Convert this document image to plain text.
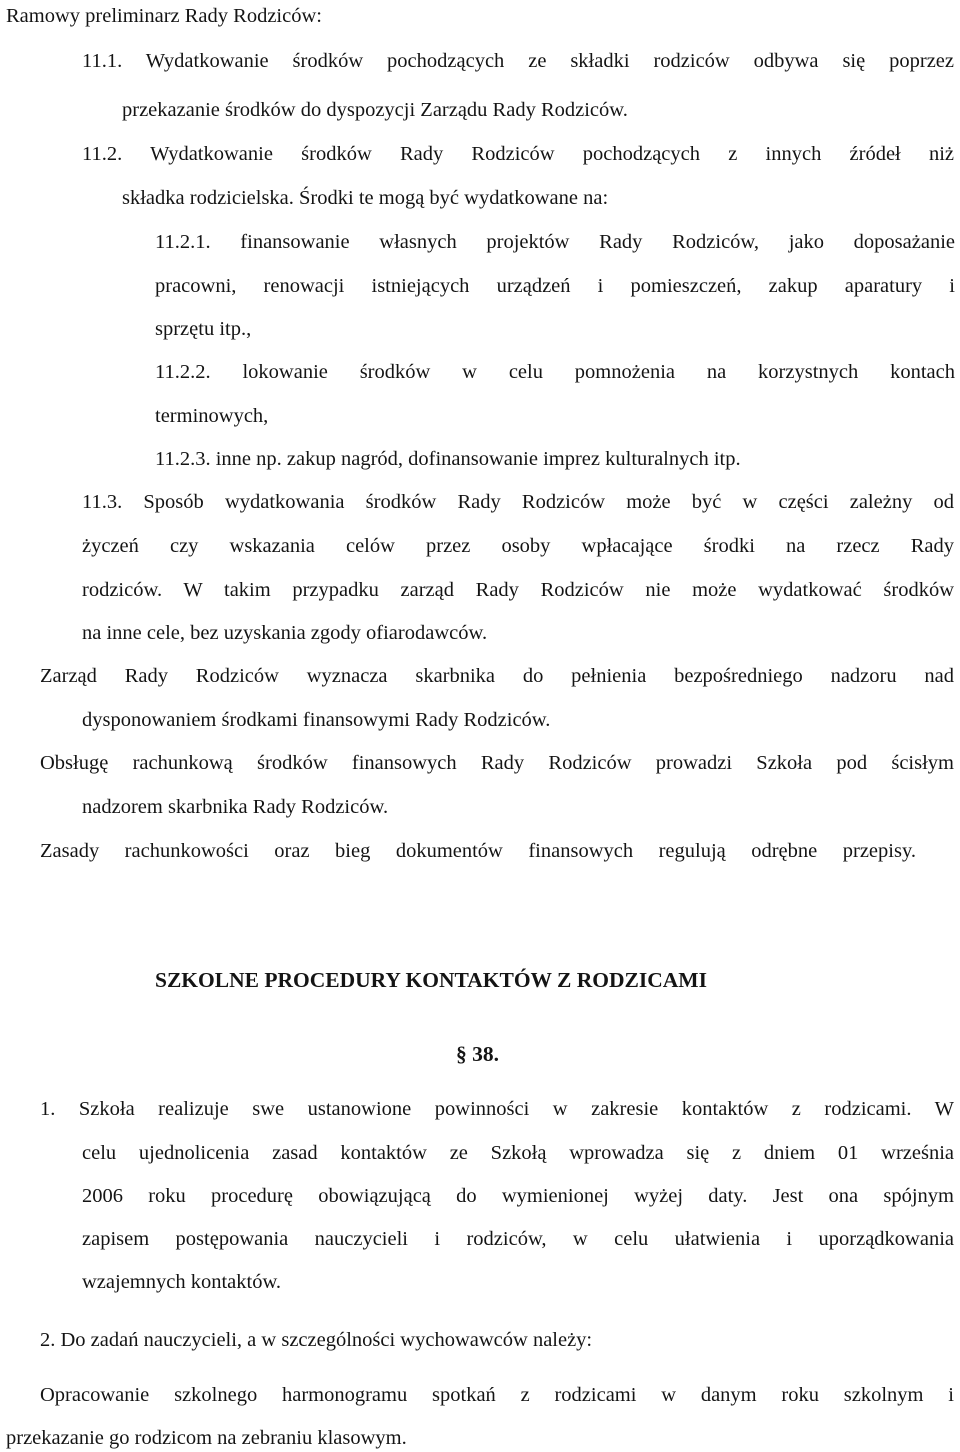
Ramowy preliminarz Rady Rodziców:
11.1. Wydatkowanie środków pochodzących ze składki rodziców odbywa się poprzez
przekazanie środków do dyspozycji Zarządu Rady Rodziców.
11.2. Wydatkowanie środków Rady Rodziców pochodzących z innych źródeł niż
składka rodzicielska. Środki te mogą być wydatkowane na:
11.2.1. finansowanie własnych projektów Rady Rodziców, jako doposażanie
pracowni, renowacji istniejących urządzeń i pomieszczeń, zakup aparatury i
sprzętu itp.,
11.2.2. lokowanie środków w celu pomnożenia na korzystnych kontach
terminowych,
11.2.3. inne np. zakup nagród, dofinansowanie imprez kulturalnych itp.
11.3. Sposób wydatkowania środków Rady Rodziców może być w części zależny od
życzeń czy wskazania celów przez osoby wpłacające środki na rzecz Rady
rodziców. W takim przypadku zarząd Rady Rodziców nie może wydatkować środków
na inne cele, bez uzyskania zgody ofiarodawców.
Zarząd Rady Rodziców wyznacza skarbnika do pełnienia bezpośredniego nadzoru nad
dysponowaniem środkami finansowymi Rady Rodziców.
Obsługę rachunkową środków finansowych Rady Rodziców prowadzi Szkoła pod ścisłym
nadzorem skarbnika Rady Rodziców.
Zasady rachunkowości oraz bieg dokumentów finansowych regulują odrębne przepisy.
SZKOLNE PROCEDURY KONTAKTÓW Z RODZICAMI
§ 38.
1. Szkoła realizuje swe ustanowione powinności w zakresie kontaktów z rodzicami. W
celu ujednolicenia zasad kontaktów ze Szkołą wprowadza się z dniem 01 września
2006 roku procedurę obowiązującą do wymienionej wyżej daty. Jest ona spójnym
zapisem postępowania nauczycieli i rodziców, w celu ułatwienia i uporządkowania
wzajemnych kontaktów.
2. Do zadań nauczycieli, a w szczególności wychowawców należy:
Opracowanie szkolnego harmonogramu spotkań z rodzicami w danym roku szkolnym i
przekazanie go rodzicom na zebraniu klasowym.
